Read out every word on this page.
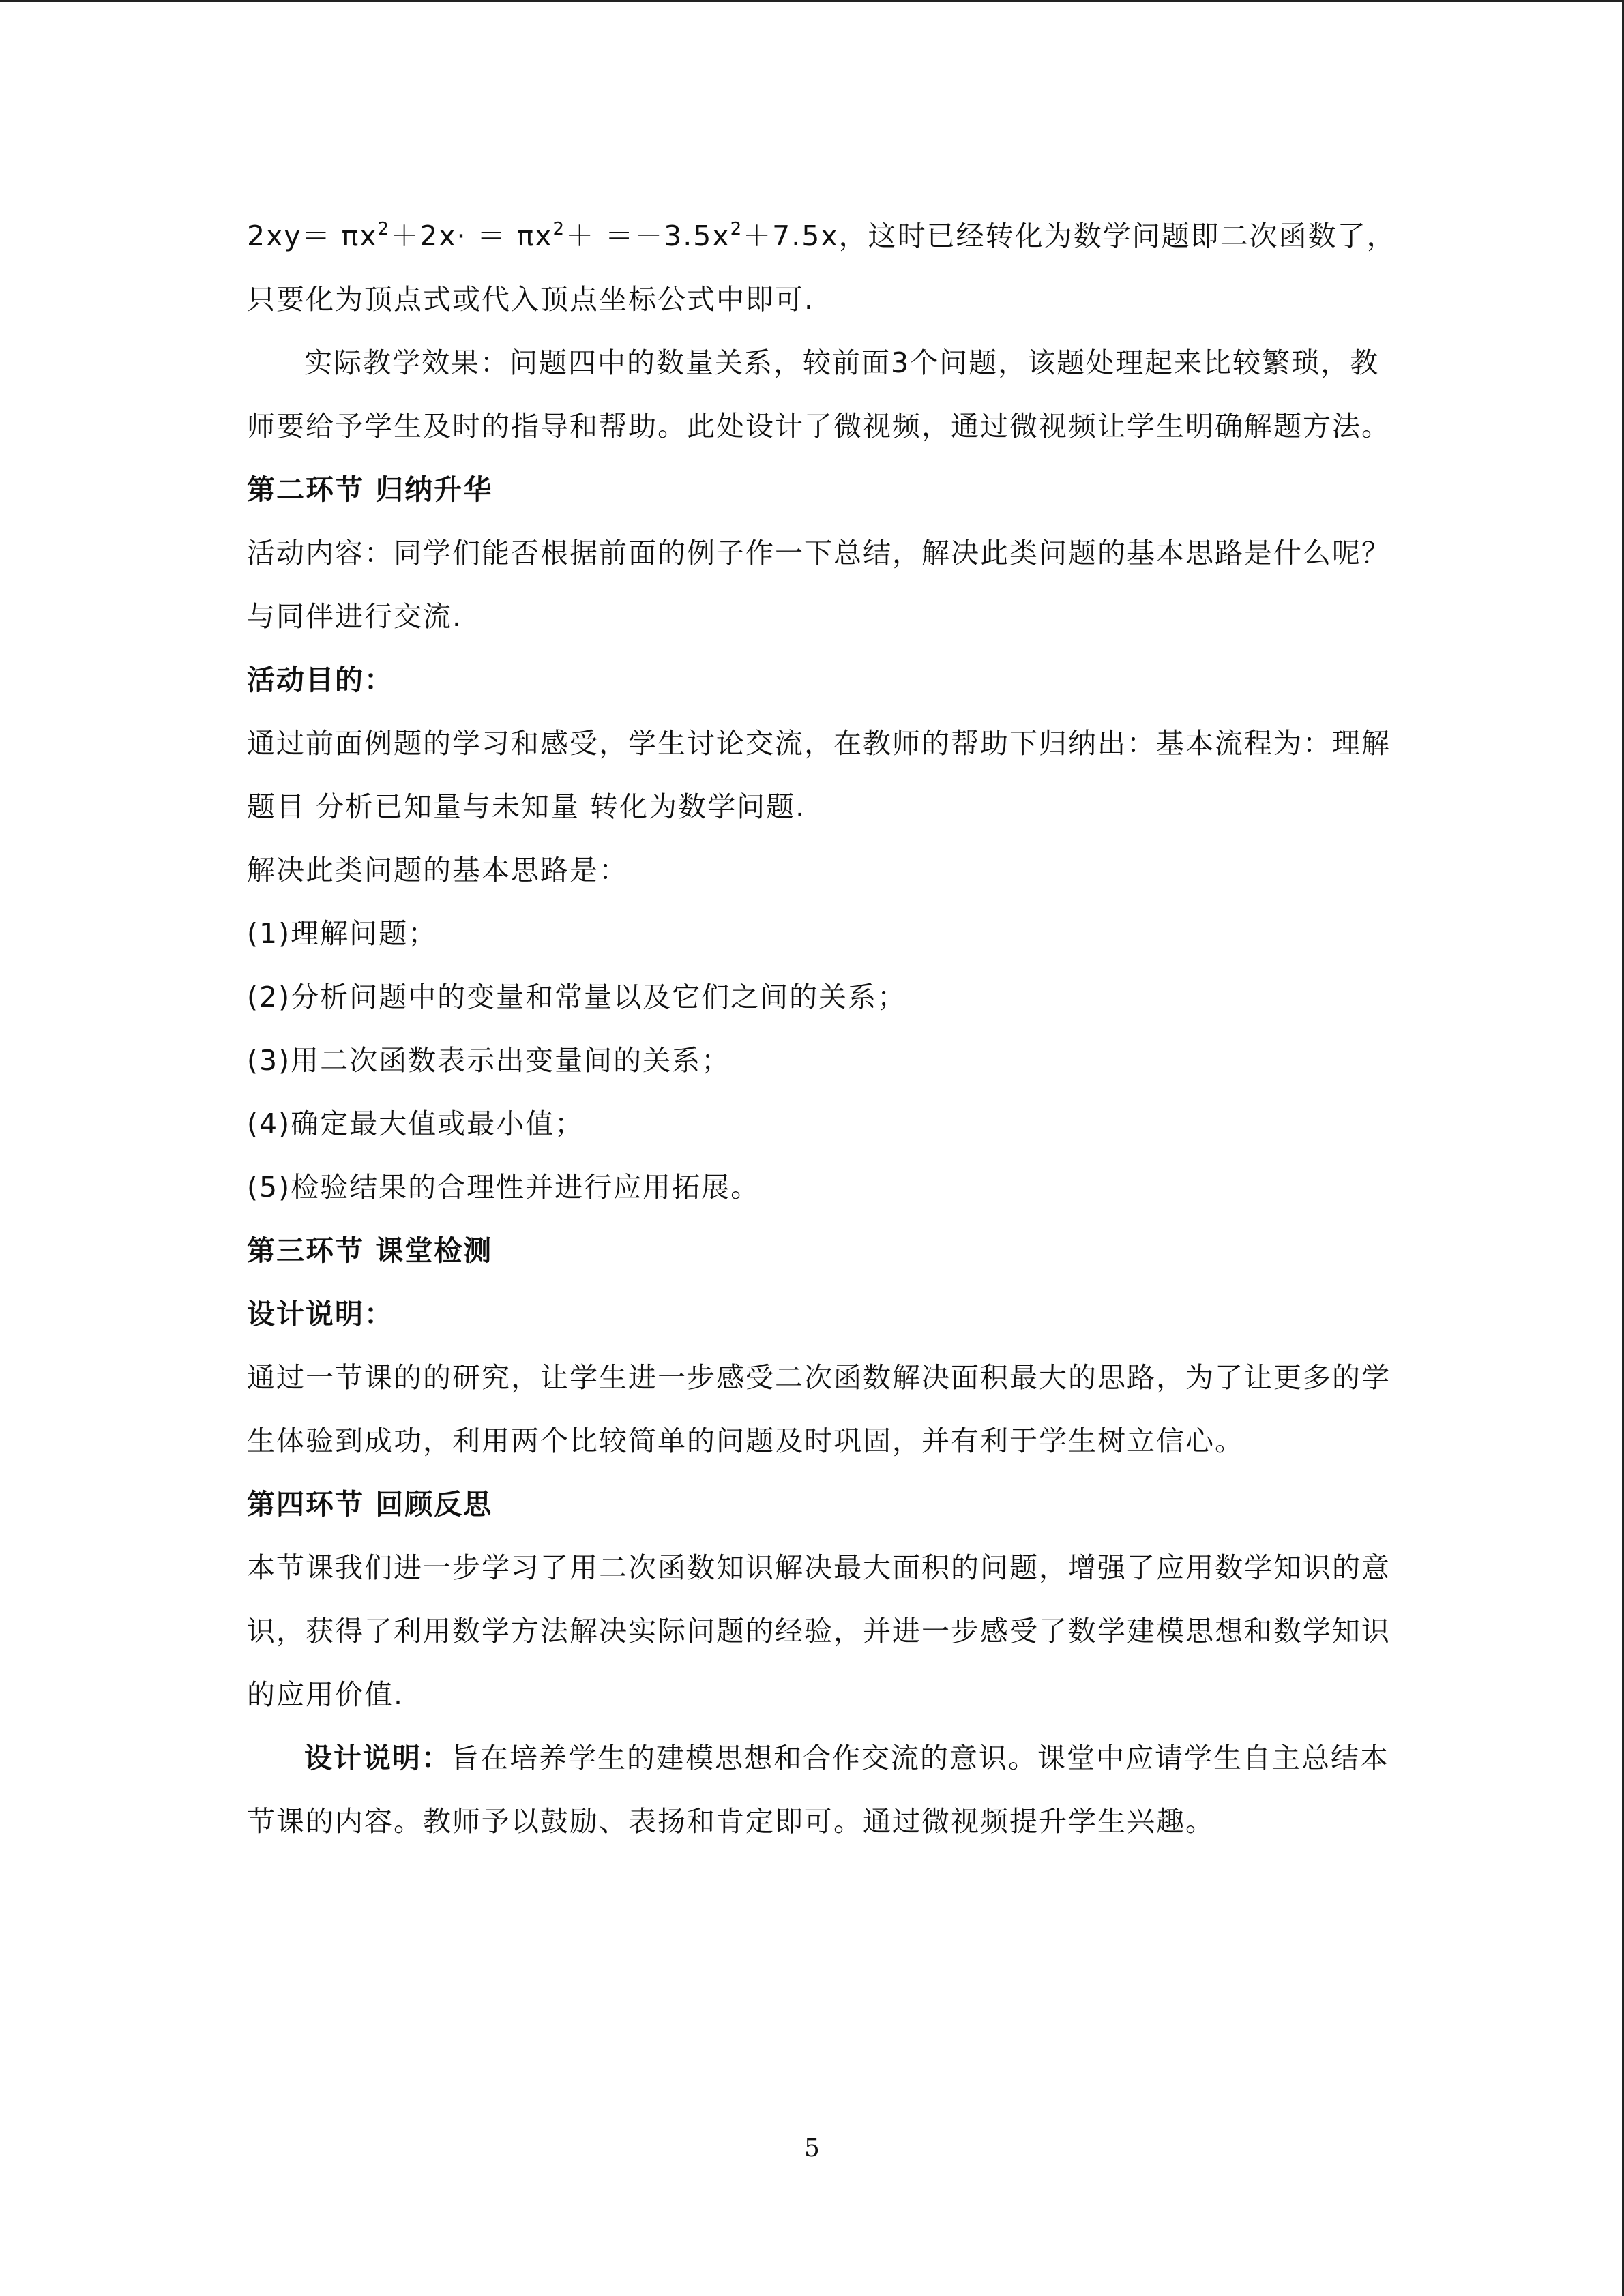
$2xy= \pi x^2+2x\cdot = \pi x^2+ =-3.5x^2+7.5x$，这时已经转化为数学问题即二次函数了，
只要化为顶点式或代入顶点坐标公式中即可.
实际教学效果：问题四中的数量关系，较前面3个问题，该题处理起来比较繁琐，教
师要给予学生及时的指导和帮助。此处设计了微视频，通过微视频让学生明确解题方法。
第二环节 归纳升华
活动内容：同学们能否根据前面的例子作一下总结，解决此类问题的基本思路是什么呢？
与同伴进行交流.
活动目的：
通过前面例题的学习和感受，学生讨论交流，在教师的帮助下归纳出：基本流程为：理解
题目 分析已知量与未知量 转化为数学问题.
解决此类问题的基本思路是：
(1)理解问题；
(2)分析问题中的变量和常量以及它们之间的关系；
(3)用二次函数表示出变量间的关系；
(4)确定最大值或最小值；
(5)检验结果的合理性并进行应用拓展。
第三环节 课堂检测
设计说明：
通过一节课的的研究，让学生进一步感受二次函数解决面积最大的思路，为了让更多的学
生体验到成功，利用两个比较简单的问题及时巩固，并有利于学生树立信心。
第四环节 回顾反思
本节课我们进一步学习了用二次函数知识解决最大面积的问题，增强了应用数学知识的意
识，获得了利用数学方法解决实际问题的经验，并进一步感受了数学建模思想和数学知识
的应用价值.
设计说明：旨在培养学生的建模思想和合作交流的意识。课堂中应请学生自主总结本
节课的内容。教师予以鼓励、表扬和肯定即可。通过微视频提升学生兴趣。
5
